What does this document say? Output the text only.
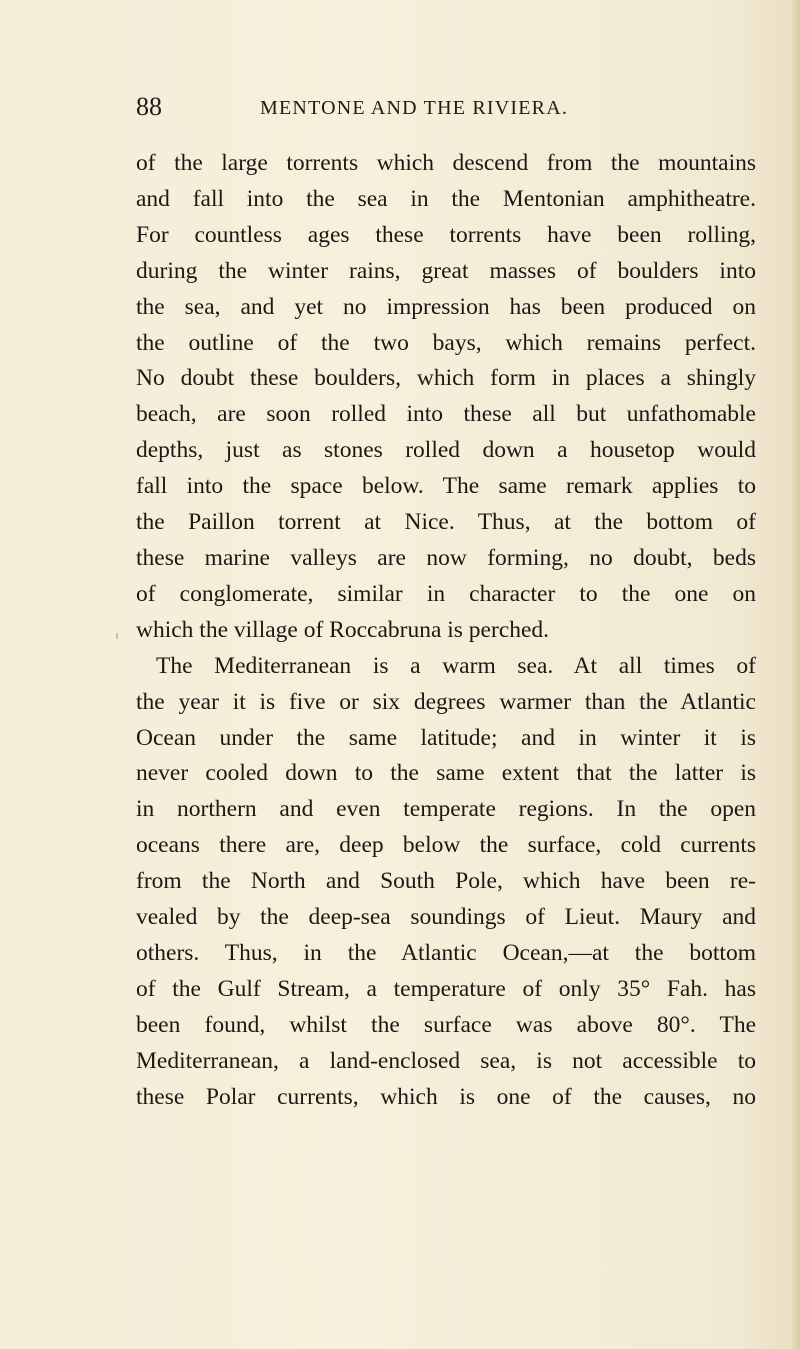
88	MENTONE AND THE RIVIERA.
of the large torrents which descend from the mountains
and fall into the sea in the Mentonian amphitheatre.
For countless ages these torrents have been rolling,
during the winter rains, great masses of boulders into
the sea, and yet no impression has been produced on
the outline of the two bays, which remains perfect.
No doubt these boulders, which form in places a shingly
beach, are soon rolled into these all but unfathomable
depths, just as stones rolled down a housetop would
fall into the space below. The same remark applies to
the Paillon torrent at Nice. Thus, at the bottom of
these marine valleys are now forming, no doubt, beds
of conglomerate, similar in character to the one on
which the village of Roccabruna is perched.
The Mediterranean is a warm sea. At all times of
the year it is five or six degrees warmer than the Atlantic
Ocean under the same latitude; and in winter it is
never cooled down to the same extent that the latter is
in northern and even temperate regions. In the open
oceans there are, deep below the surface, cold currents
from the North and South Pole, which have been re-
vealed by the deep-sea soundings of Lieut. Maury and
others. Thus, in the Atlantic Ocean,—at the bottom
of the Gulf Stream, a temperature of only 35° Fah. has
been found, whilst the surface was above 80°. The
Mediterranean, a land-enclosed sea, is not accessible to
these Polar currents, which is one of the causes, no
